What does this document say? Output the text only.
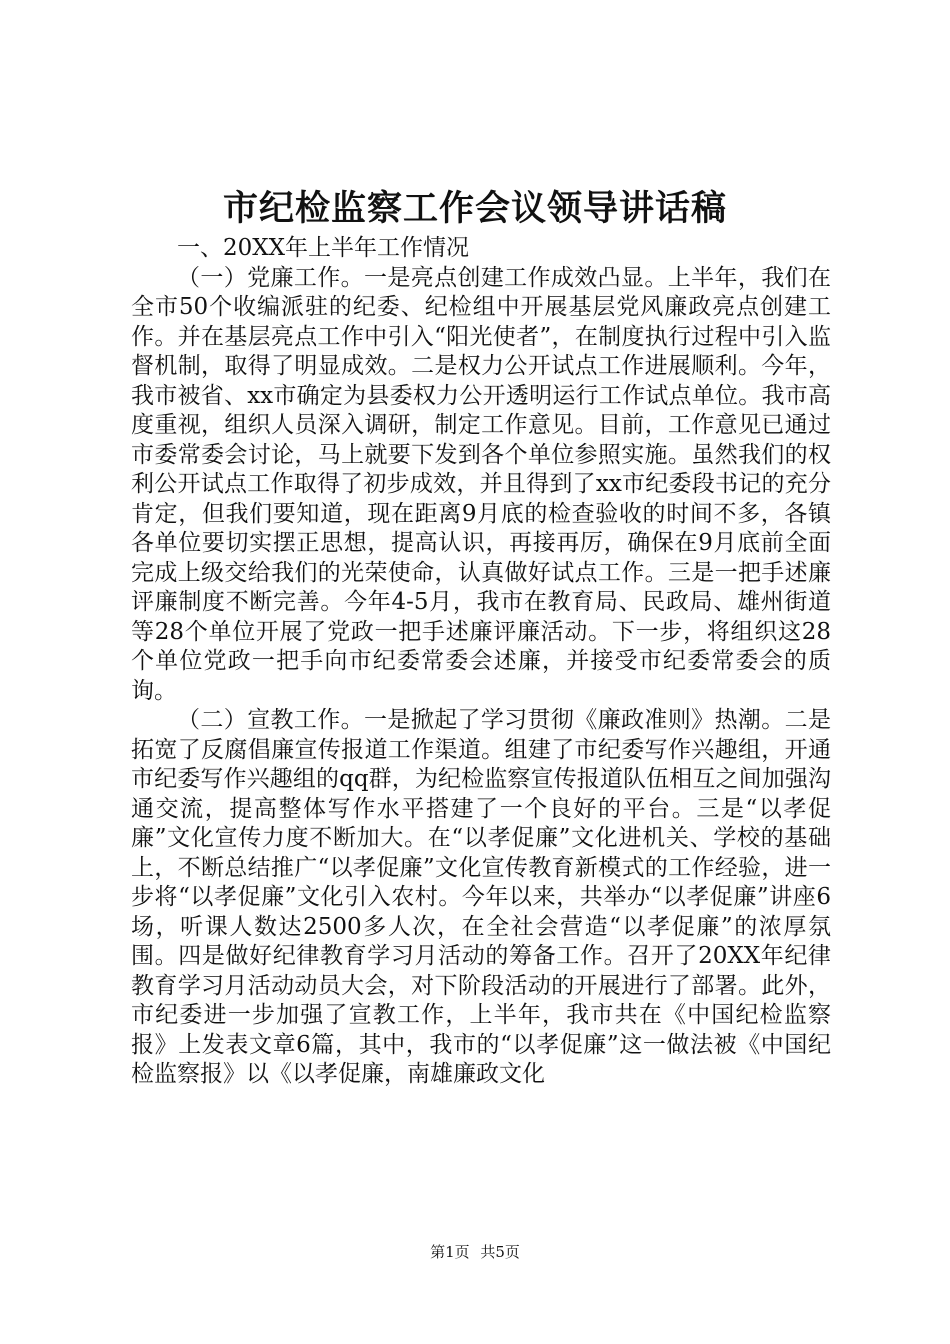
市纪检监察工作会议领导讲话稿

一、20XX年上半年工作情况

（一）党廉工作。一是亮点创建工作成效凸显。上半年，我们在全市50个收编派驻的纪委、纪检组中开展基层党风廉政亮点创建工作。并在基层亮点工作中引入“阳光使者”，在制度执行过程中引入监督机制，取得了明显成效。二是权力公开试点工作进展顺利。今年，我市被省、xx市确定为县委权力公开透明运行工作试点单位。我市高度重视，组织人员深入调研，制定工作意见。目前，工作意见已通过市委常委会讨论，马上就要下发到各个单位参照实施。虽然我们的权利公开试点工作取得了初步成效，并且得到了xx市纪委段书记的充分肯定，但我们要知道，现在距离9月底的检查验收的时间不多，各镇各单位要切实摆正思想，提高认识，再接再厉，确保在9月底前全面完成上级交给我们的光荣使命，认真做好试点工作。三是一把手述廉评廉制度不断完善。今年4-5月，我市在教育局、民政局、雄州街道等28个单位开展了党政一把手述廉评廉活动。下一步，将组织这28个单位党政一把手向市纪委常委会述廉，并接受市纪委常委会的质询。

（二）宣教工作。一是掀起了学习贯彻《廉政准则》热潮。二是拓宽了反腐倡廉宣传报道工作渠道。组建了市纪委写作兴趣组，开通市纪委写作兴趣组的qq群，为纪检监察宣传报道队伍相互之间加强沟通交流，提高整体写作水平搭建了一个良好的平台。三是“以孝促廉”文化宣传力度不断加大。在“以孝促廉”文化进机关、学校的基础上，不断总结推广“以孝促廉”文化宣传教育新模式的工作经验，进一步将“以孝促廉”文化引入农村。今年以来，共举办“以孝促廉”讲座6场，听课人数达2500多人次，在全社会营造“以孝促廉”的浓厚氛围。四是做好纪律教育学习月活动的筹备工作。召开了20XX年纪律教育学习月活动动员大会，对下阶段活动的开展进行了部署。此外，市纪委进一步加强了宣教工作，上半年，我市共在《中国纪检监察报》上发表文章6篇，其中，我市的“以孝促廉”这一做法被《中国纪检监察报》以《以孝促廉，南雄廉政文化

第1页 共5页
